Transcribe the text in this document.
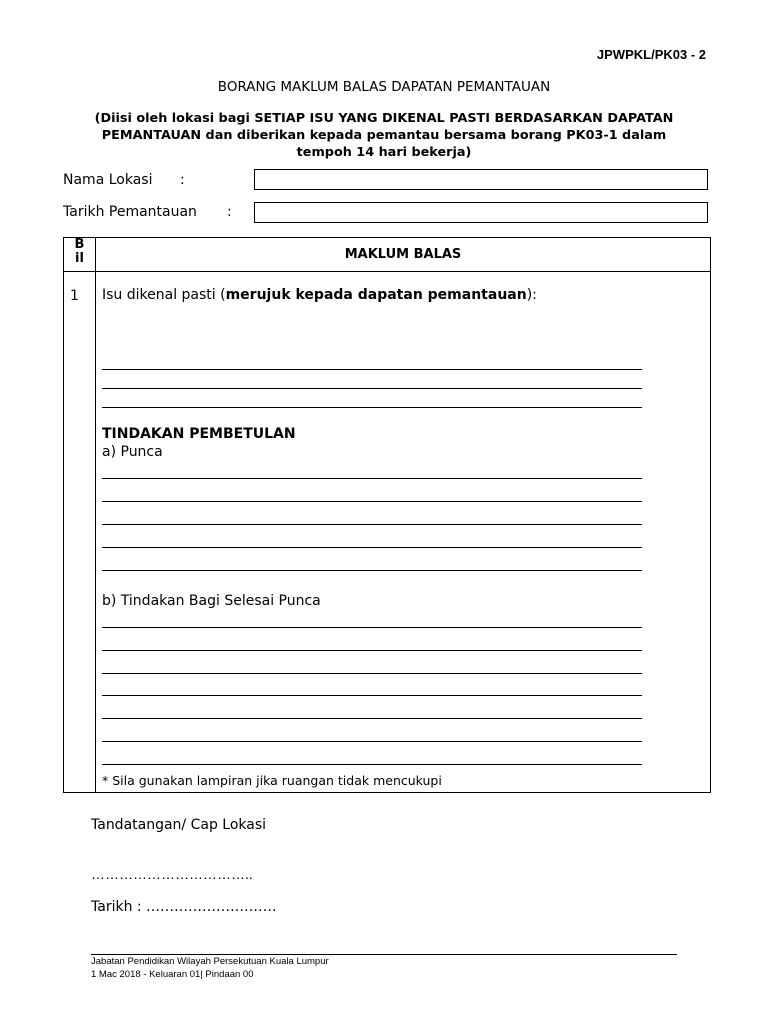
JPWPKL/PK03 - 2
BORANG MAKLUM BALAS DAPATAN PEMANTAUAN
(Diisi oleh lokasi bagi SETIAP ISU YANG DIKENAL PASTI BERDASARKAN DAPATAN
PEMANTAUAN dan diberikan kepada pemantau bersama borang PK03-1 dalam
tempoh 14 hari bekerja)
Nama Lokasi :
Tarikh Pemantauan :
Bil	MAKLUM BALAS
1	Isu dikenal pasti (merujuk kepada dapatan pemantauan):
TINDAKAN PEMBETULAN
a) Punca
b) Tindakan Bagi Selesai Punca
* Sila gunakan lampiran jika ruangan tidak mencukupi
Tandatangan/ Cap Lokasi
……………………………..
Tarikh : ……………………….
Jabatan Pendidikan Wilayah Persekutuan Kuala Lumpur
1 Mac 2018 - Keluaran 01| Pindaan 00
